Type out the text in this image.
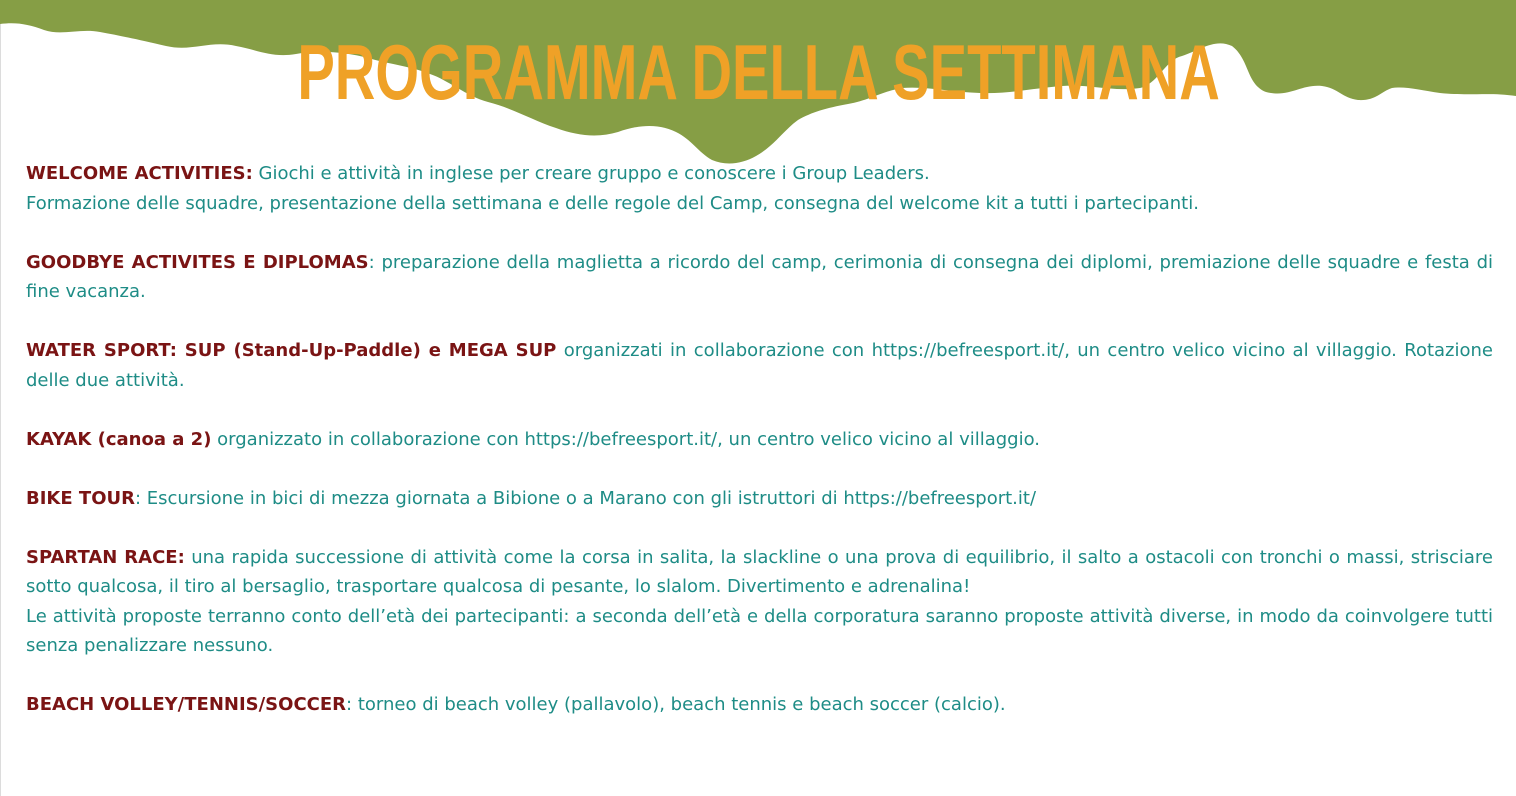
PROGRAMMA DELLA SETTIMANA

WELCOME ACTIVITIES: Giochi e attività in inglese per creare gruppo e conoscere i Group Leaders.
Formazione delle squadre, presentazione della settimana e delle regole del Camp, consegna del welcome kit a tutti i partecipanti.

GOODBYE ACTIVITES E DIPLOMAS: preparazione della maglietta a ricordo del camp, cerimonia di consegna dei diplomi, premiazione delle squadre e festa di fine vacanza.

WATER SPORT: SUP (Stand-Up-Paddle) e MEGA SUP organizzati in collaborazione con https://befreesport.it/, un centro velico vicino al villaggio. Rotazione delle due attività.

KAYAK (canoa a 2) organizzato in collaborazione con https://befreesport.it/, un centro velico vicino al villaggio.

BIKE TOUR: Escursione in bici di mezza giornata a Bibione o a Marano con gli istruttori di https://befreesport.it/

SPARTAN RACE: una rapida successione di attività come la corsa in salita, la slackline o una prova di equilibrio, il salto a ostacoli con tronchi o massi, strisciare sotto qualcosa, il tiro al bersaglio, trasportare qualcosa di pesante, lo slalom. Divertimento e adrenalina!
Le attività proposte terranno conto dell’età dei partecipanti: a seconda dell’età e della corporatura saranno proposte attività diverse, in modo da coinvolgere tutti senza penalizzare nessuno.

BEACH VOLLEY/TENNIS/SOCCER: torneo di beach volley (pallavolo), beach tennis e beach soccer (calcio).
